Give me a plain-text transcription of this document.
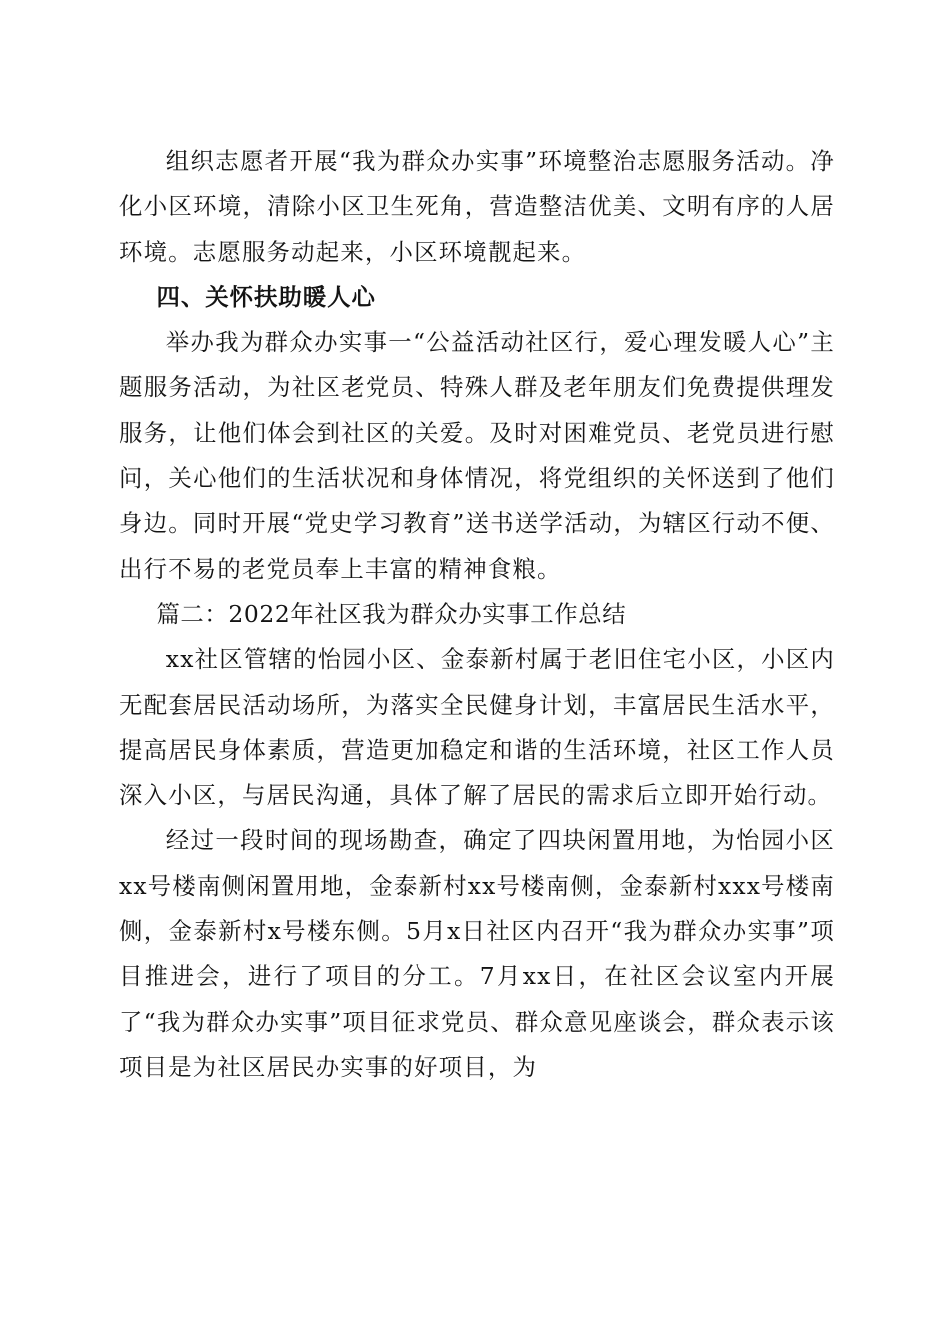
组织志愿者开展“我为群众办实事”环境整治志愿服务活动。净化小区环境，清除小区卫生死角，营造整洁优美、文明有序的人居环境。志愿服务动起来，小区环境靓起来。

四、关怀扶助暖人心

举办我为群众办实事一“公益活动社区行，爱心理发暖人心”主题服务活动，为社区老党员、特殊人群及老年朋友们免费提供理发服务，让他们体会到社区的关爱。及时对困难党员、老党员进行慰问，关心他们的生活状况和身体情况，将党组织的关怀送到了他们身边。同时开展“党史学习教育”送书送学活动，为辖区行动不便、出行不易的老党员奉上丰富的精神食粮。

篇二：2022年社区我为群众办实事工作总结

xx社区管辖的怡园小区、金泰新村属于老旧住宅小区，小区内无配套居民活动场所，为落实全民健身计划，丰富居民生活水平，提高居民身体素质，营造更加稳定和谐的生活环境，社区工作人员深入小区，与居民沟通，具体了解了居民的需求后立即开始行动。

经过一段时间的现场勘查，确定了四块闲置用地，为怡园小区xx号楼南侧闲置用地，金泰新村xx号楼南侧，金泰新村xxx号楼南侧，金泰新村x号楼东侧。5月x日社区内召开“我为群众办实事”项目推进会，进行了项目的分工。7月xx日，在社区会议室内开展了“我为群众办实事”项目征求党员、群众意见座谈会，群众表示该项目是为社区居民办实事的好项目，为
